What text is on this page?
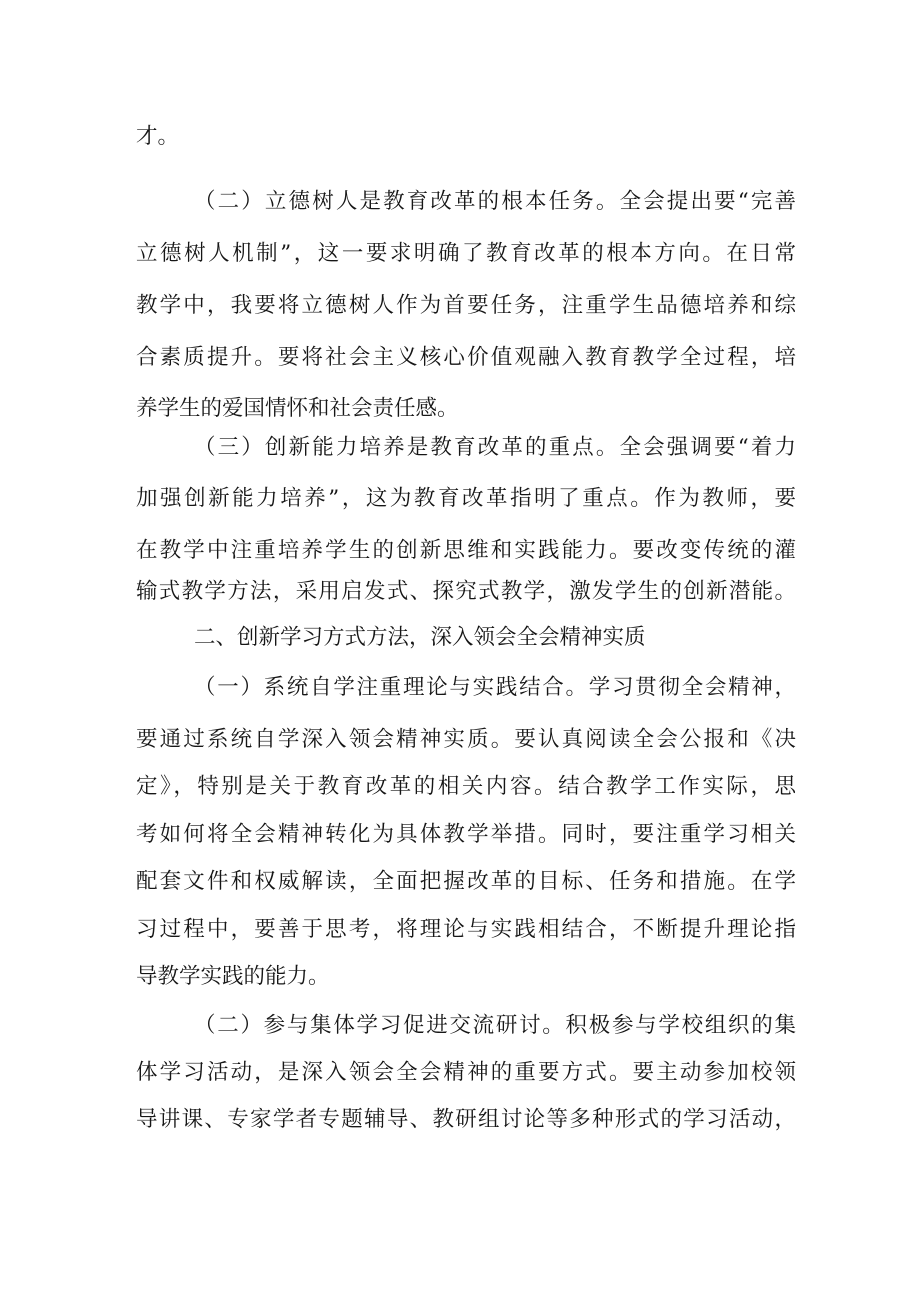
才。
（二）立德树人是教育改革的根本任务。全会提出要“完善
立德树人机制”，这一要求明确了教育改革的根本方向。在日常
教学中，我要将立德树人作为首要任务，注重学生品德培养和综
合素质提升。要将社会主义核心价值观融入教育教学全过程，培
养学生的爱国情怀和社会责任感。
（三）创新能力培养是教育改革的重点。全会强调要“着力
加强创新能力培养”，这为教育改革指明了重点。作为教师，要
在教学中注重培养学生的创新思维和实践能力。要改变传统的灌
输式教学方法，采用启发式、探究式教学，激发学生的创新潜能。
二、创新学习方式方法，深入领会全会精神实质
（一）系统自学注重理论与实践结合。学习贯彻全会精神，
要通过系统自学深入领会精神实质。要认真阅读全会公报和《决
定》，特别是关于教育改革的相关内容。结合教学工作实际，思
考如何将全会精神转化为具体教学举措。同时，要注重学习相关
配套文件和权威解读，全面把握改革的目标、任务和措施。在学
习过程中，要善于思考，将理论与实践相结合，不断提升理论指
导教学实践的能力。
（二）参与集体学习促进交流研讨。积极参与学校组织的集
体学习活动，是深入领会全会精神的重要方式。要主动参加校领
导讲课、专家学者专题辅导、教研组讨论等多种形式的学习活动，
